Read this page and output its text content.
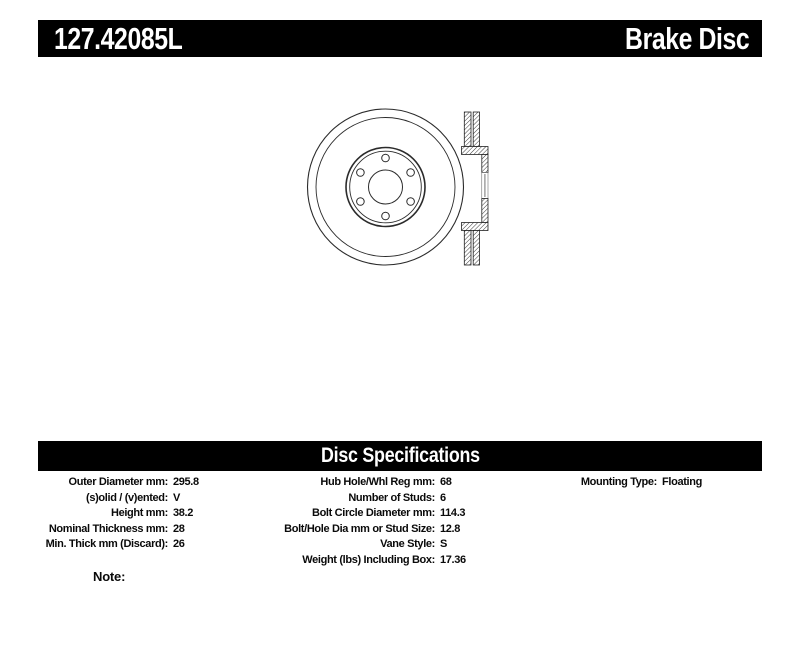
127.42085L	Brake Disc
Disc Specifications
Outer Diameter mm: 295.8
(s)olid / (v)ented: V
Height mm: 38.2
Nominal Thickness mm: 28
Min. Thick mm (Discard): 26
Hub Hole/Whl Reg mm: 68
Number of Studs: 6
Bolt Circle Diameter mm: 114.3
Bolt/Hole Dia mm or Stud Size: 12.8
Vane Style: S
Weight (lbs) Including Box: 17.36
Mounting Type: Floating
Note:
